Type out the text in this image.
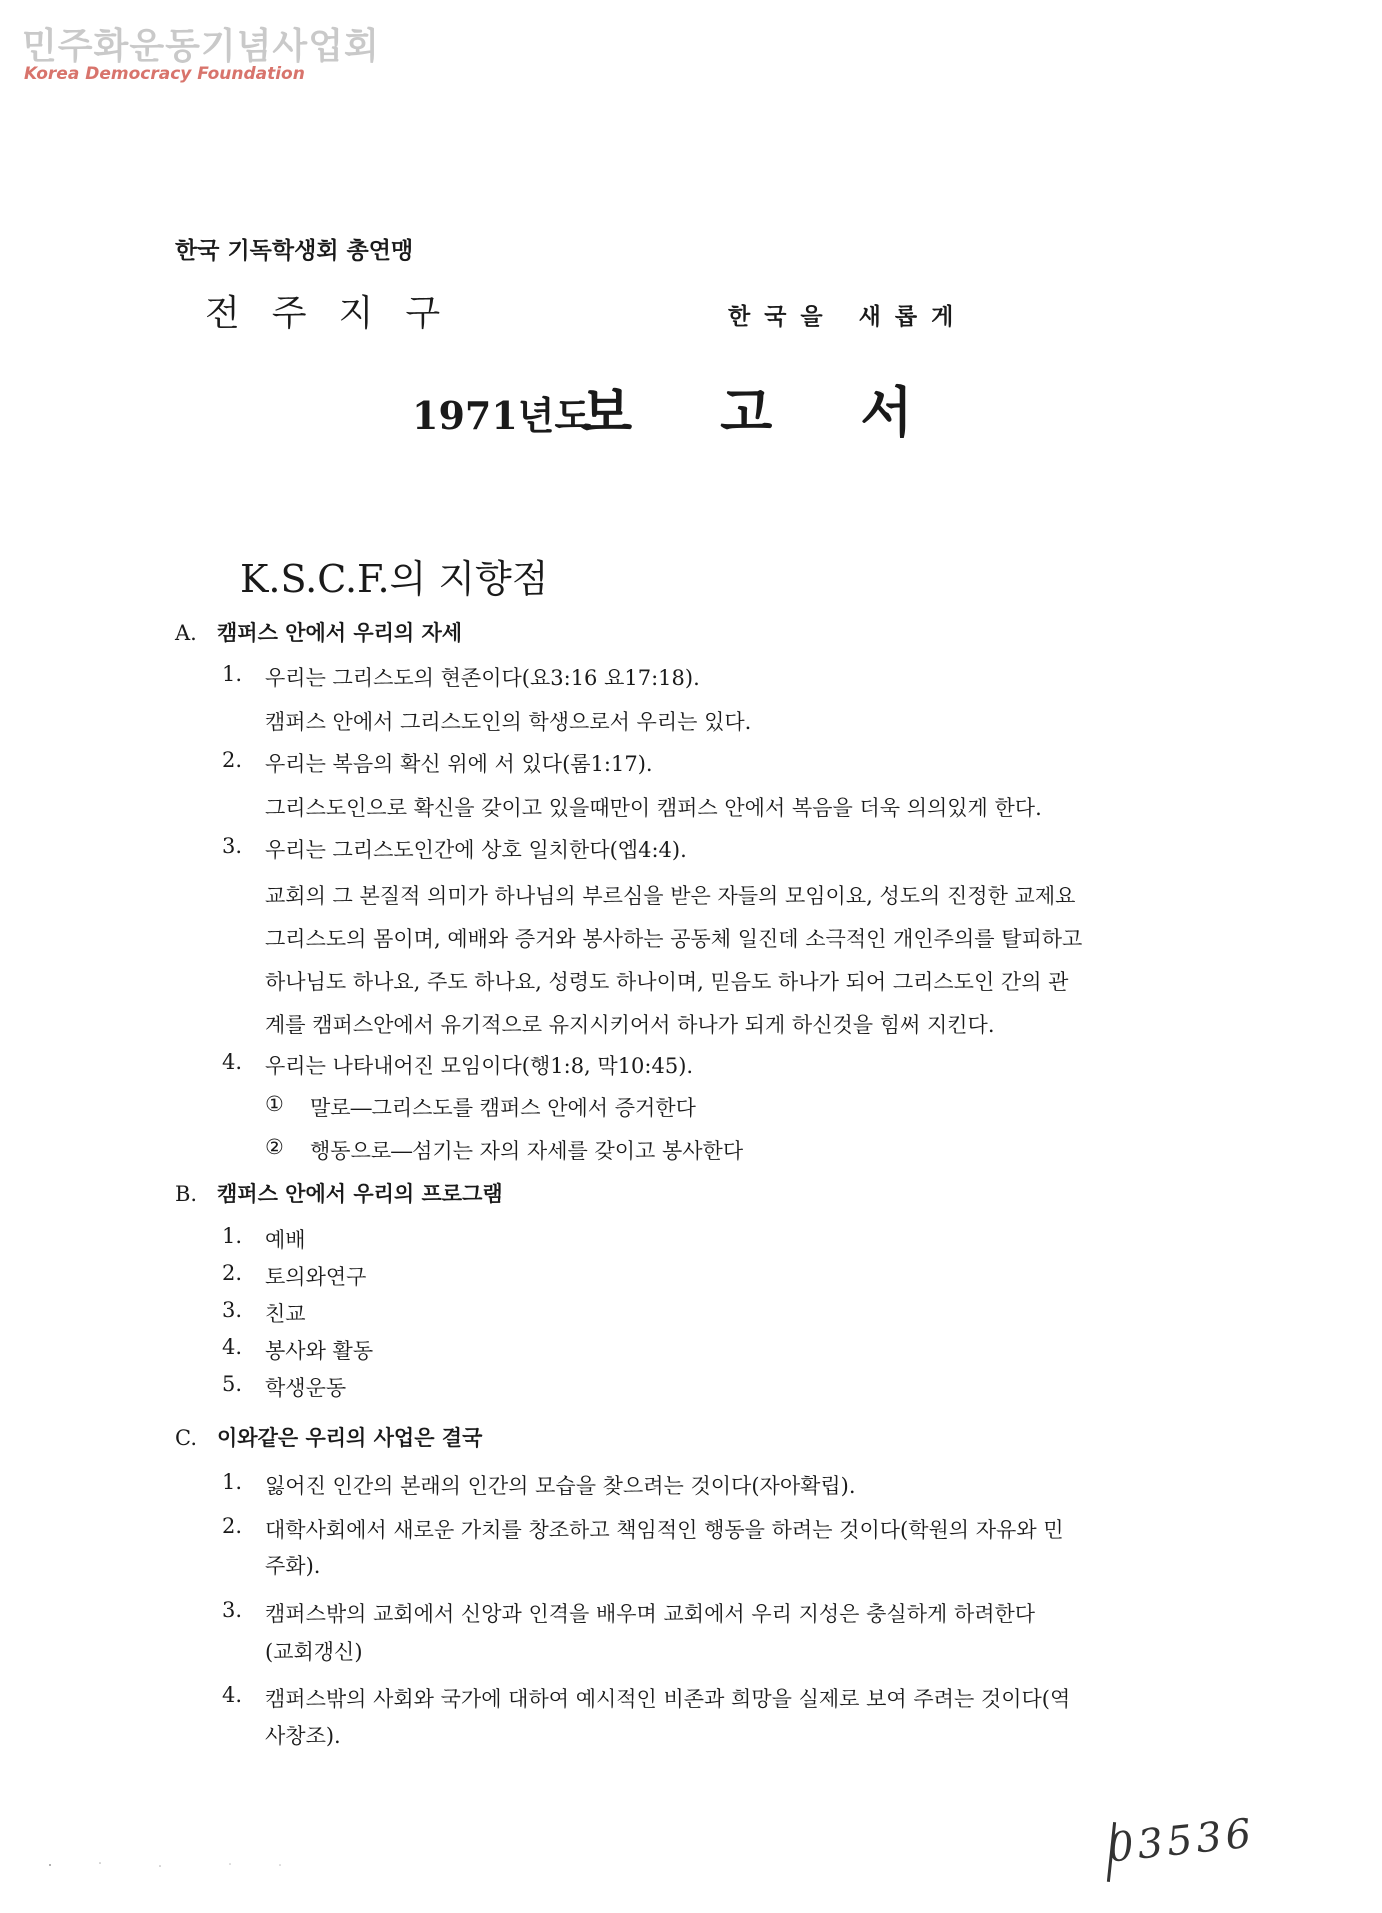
민주화운동기념사업회
Korea Democracy Foundation
한국 기독학생회 총연맹
전주지구	한국을 새롭게
1971년도
보고서
K.S.C.F.의 지향점
A. 캠퍼스 안에서 우리의 자세
1. 우리는 그리스도의 현존이다(요3:16 요17:18).
캠퍼스 안에서 그리스도인의 학생으로서 우리는 있다.
2. 우리는 복음의 확신 위에 서 있다(롬1:17).
그리스도인으로 확신을 갖이고 있을때만이 캠퍼스 안에서 복음을 더욱 의의있게 한다.
3. 우리는 그리스도인간에 상호 일치한다(엡4:4).
교회의 그 본질적 의미가 하나님의 부르심을 받은 자들의 모임이요, 성도의 진정한 교제요
그리스도의 몸이며, 예배와 증거와 봉사하는 공동체 일진데 소극적인 개인주의를 탈피하고
하나님도 하나요, 주도 하나요, 성령도 하나이며, 믿음도 하나가 되어 그리스도인 간의 관
계를 캠퍼스안에서 유기적으로 유지시키어서 하나가 되게 하신것을 힘써 지킨다.
4. 우리는 나타내어진 모임이다(행1:8, 막10:45).
① 말로―그리스도를 캠퍼스 안에서 증거한다
② 행동으로―섬기는 자의 자세를 갖이고 봉사한다
B. 캠퍼스 안에서 우리의 프로그램
1. 예배
2. 토의와연구
3. 친교
4. 봉사와 활동
5. 학생운동
C. 이와같은 우리의 사업은 결국
1. 잃어진 인간의 본래의 인간의 모습을 찾으려는 것이다(자아확립).
2. 대학사회에서 새로운 가치를 창조하고 책임적인 행동을 하려는 것이다(학원의 자유와 민
주화).
3. 캠퍼스밖의 교회에서 신앙과 인격을 배우며 교회에서 우리 지성은 충실하게 하려한다
(교회갱신)
4. 캠퍼스밖의 사회와 국가에 대하여 예시적인 비존과 희망을 실제로 보여 주려는 것이다(역
사창조).
03536
